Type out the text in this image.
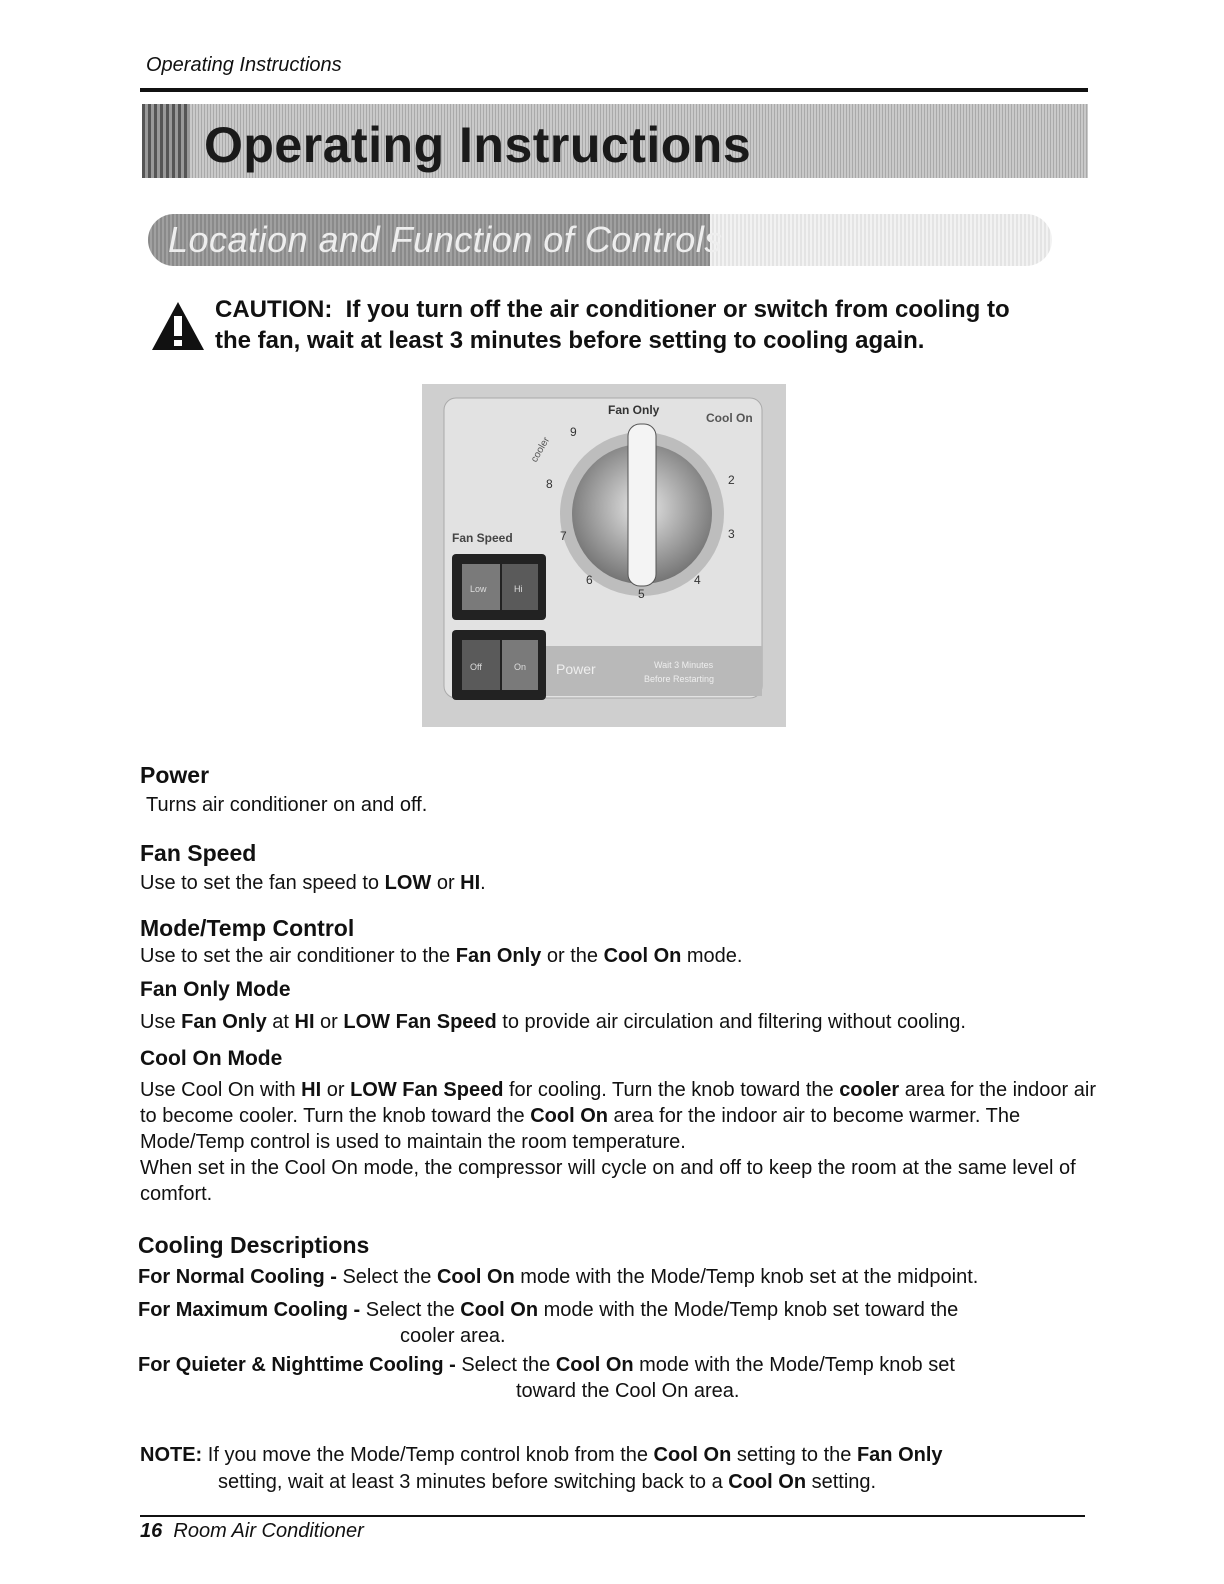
Operating Instructions
Operating Instructions
Location and Function of Controls
CAUTION: If you turn off the air conditioner or switch from cooling to
the fan, wait at least 3 minutes before setting to cooling again.
Fan Only
Cool On
cooler
2
3
4
5
6
7
8
9
Fan Speed
Low	Hi
Off	On Power	Wait 3 Minutes
Before Restarting
Power
Turns air conditioner on and off.
Fan Speed
Use to set the fan speed to LOW or HI.
Mode/Temp Control
Use to set the air conditioner to the Fan Only or the Cool On mode.
Fan Only Mode
Use Fan Only at HI or LOW Fan Speed to provide air circulation and filtering without cooling.
Cool On Mode
Use Cool On with HI or LOW Fan Speed for cooling. Turn the knob toward the cooler area for the indoor air to become cooler. Turn the knob toward the Cool On area for the indoor air to become warmer. The Mode/Temp control is used to maintain the room temperature.
When set in the Cool On mode, the compressor will cycle on and off to keep the room at the same level of comfort.
Cooling Descriptions
For Normal Cooling - Select the Cool On mode with the Mode/Temp knob set at the midpoint.
For Maximum Cooling - Select the Cool On mode with the Mode/Temp knob set toward the
cooler area.
For Quieter & Nighttime Cooling - Select the Cool On mode with the Mode/Temp knob set
toward the Cool On area.
NOTE: If you move the Mode/Temp control knob from the Cool On setting to the Fan Only
setting, wait at least 3 minutes before switching back to a Cool On setting.
16 Room Air Conditioner
